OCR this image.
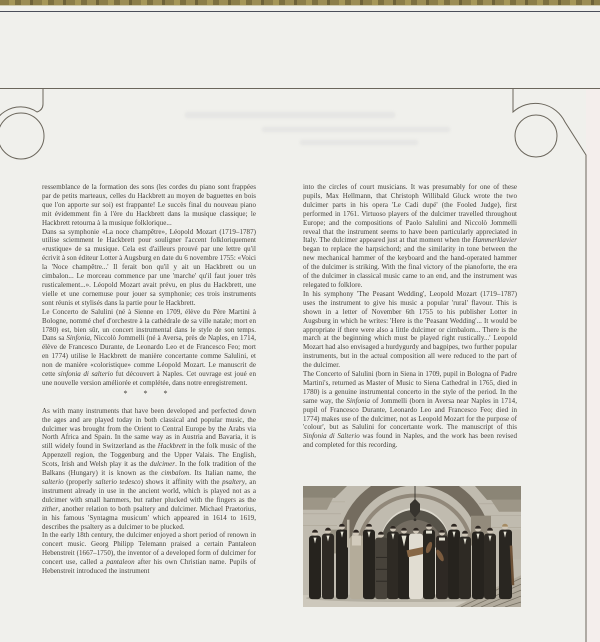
ressemblance de la formation des sons (les cordes du piano sont frappées par de petits marteaux, celles du Hackbrett au moyen de baguettes en bois que l'on apporte sur soi) est frappante! Le succès final du nouveau piano mit évidemment fin à l'ère du Hackbrett dans la musique classique; le Hackbrett retourna à la musique folklorique...

Dans sa symphonie «La noce champêtre», Léopold Mozart (1719–1787) utilise sciemment le Hackbrett pour souligner l'accent folkloriquement «rustique» de sa musique. Cela est d'ailleurs prouvé par une lettre qu'il écrivit à son éditeur Lotter à Augsburg en date du 6 novembre 1755: «Voici la 'Noce champêtre...' Il ferait bon qu'il y ait un Hackbrett ou un cimbalon... Le morceau commence par une 'marche' qu'il faut jouer très rusticalement...». Léopold Mozart avait prévu, en plus du Hackbrett, une vielle et une cornemuse pour jouer sa symphonie; ces trois instruments sont réunis et stylisés dans la partie pour le Hackbrett.

Le Concerto de Salulini (né à Sienne en 1709, élève du Père Martini à Bologne, nommé chef d'orchestre à la cathédrale de sa ville natale; mort en 1780) est, bien sûr, un concert instrumental dans le style de son temps. Dans sa Sinfonia, Niccolò Jommelli (né à Aversa, près de Naples, en 1714, élève de Francesco Durante, de Leonardo Leo et de Francesco Feo; mort en 1774) utilise le Hackbrett de manière concertante comme Salulini, et non de manière «coloristique» comme Léopold Mozart. Le manuscrit de cette sinfonia di salterio fut découvert à Naples. Cet ouvrage est joué en une nouvelle version améliorée et complétée, dans notre enregistrement.

* * *

As with many instruments that have been developed and perfected down the ages and are played today in both classical and popular music, the dulcimer was brought from the Orient to Central Europe by the Arabs via North Africa and Spain. In the same way as in Austria and Bavaria, it is still widely found in Switzerland as the Hackbrett in the folk music of the Appenzell region, the Toggenburg and the Upper Valais. The English, Scots, Irish and Welsh play it as the dulcimer. In the folk tradition of the Balkans (Hungary) it is known as the cimbalom. Its Italian name, the salterio (properly salterio tedesco) shows it affinity with the psaltery, an instrument already in use in the ancient world, which is played not as a dulcimer with small hammers, but rather plucked with the fingers as the zither, another relation to both psaltery and dulcimer. Michael Praetorius, in his famous 'Syntagma musicum' which appeared in 1614 to 1619, describes the psaltery as a dulcimer to be plucked.

In the early 18th century, the dulcimer enjoyed a short period of renown in concert music. Georg Philipp Telemann praised a certain Pantaleon Hebenstreit (1667–1750), the inventor of a developed form of dulcimer for concert use, called a pantaleon after his own Christian name. Pupils of Hebenstreit introduced the instrument

into the circles of court musicians. It was presumably for one of these pupils, Max Hellmann, that Christoph Willibald Gluck wrote the two dulcimer parts in his opera 'Le Cadi dupé' (the Fooled Judge), first performed in 1761. Virtuoso players of the dulcimer travelled throughout Europe; and the compositions of Paolo Salulini and Niccolò Jommelli reveal that the instrument seems to have been particularly appreciated in Italy. The dulcimer appeared just at that moment when the Hammerklavier began to replace the harpsichord; and the similarity in tone between the new mechanical hammer of the keyboard and the hand-operated hammer of the dulcimer is striking. With the final victory of the pianoforte, the era of the dulcimer in classical music came to an end, and the instrument was relegated to folklore.

In his symphony 'The Peasant Wedding', Leopold Mozart (1719–1787) uses the instrument to give his music a popular 'rural' flavour. This is shown in a letter of November 6th 1755 to his publisher Lotter in Augsburg in which he writes: 'Here is the 'Peasant Wedding'... It would be appropriate if there were also a little dulcimer or cimbalom... There is the march at the beginning which must be played right rustically...' Leopold Mozart had also envisaged a hurdygurdy and bagpipes, two further popular instruments, but in the actual composition all were reduced to the part of the dulcimer.

The Concerto of Salulini (born in Siena in 1709, pupil in Bologna of Padre Martini's, returned as Master of Music to Siena Cathedral in 1765, died in 1780) is a genuine instrumental concerto in the style of the period. In the same way, the Sinfonia of Jommelli (born in Aversa near Naples in 1714, pupil of Francesco Durante, Leonardo Leo and Francesco Feo; died in 1774) makes use of the dulcimer, not as Leopold Mozart for the purpose of 'colour', but as Salulini for concertante work. The manuscript of this Sinfonia di Salterio was found in Naples, and the work has been revised and completed for this recording.
